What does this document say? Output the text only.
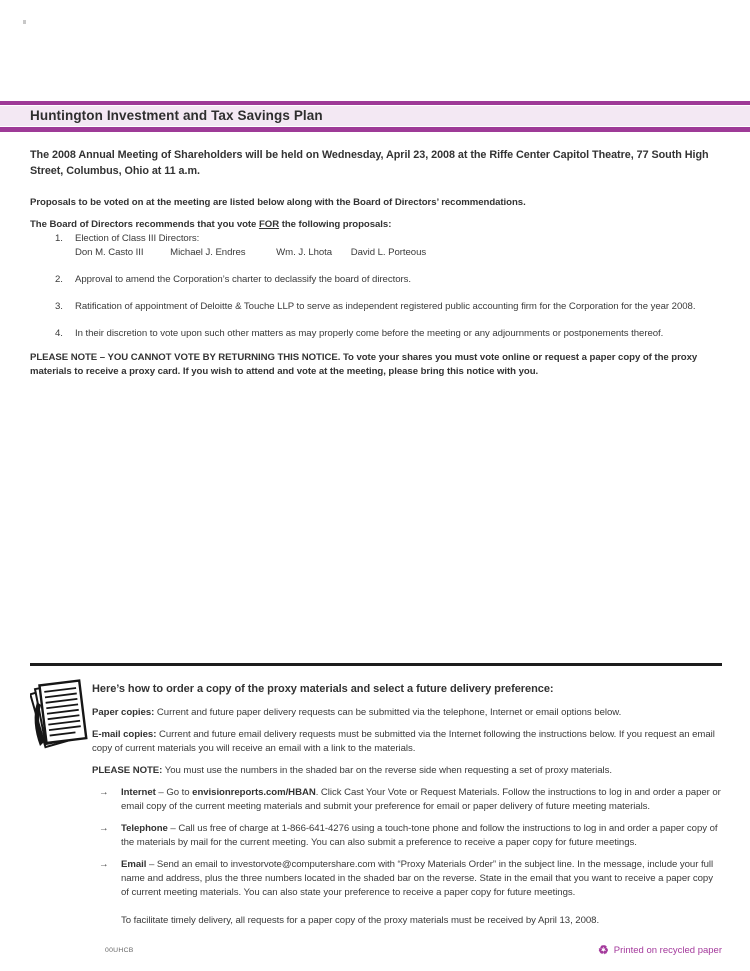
Huntington Investment and Tax Savings Plan

The 2008 Annual Meeting of Shareholders will be held on Wednesday, April 23, 2008 at the Riffe Center Capitol Theatre, 77 South High Street, Columbus, Ohio at 11 a.m.

Proposals to be voted on at the meeting are listed below along with the Board of Directors’ recommendations.

The Board of Directors recommends that you vote FOR the following proposals:

1.	Election of Class III Directors:
Don M. Casto III	Michael J. Endres	Wm. J. Lhota David L. Porteous
2.	Approval to amend the Corporation’s charter to declassify the board of directors.
3.	Ratification of appointment of Deloitte & Touche LLP to serve as independent registered public accounting firm for the Corporation for the year 2008.
4.	In their discretion to vote upon such other matters as may properly come before the meeting or any adjournments or postponements thereof.

PLEASE NOTE – YOU CANNOT VOTE BY RETURNING THIS NOTICE. To vote your shares you must vote online or request a paper copy of the proxy materials to receive a proxy card. If you wish to attend and vote at the meeting, please bring this notice with you.

Here’s how to order a copy of the proxy materials and select a future delivery preference:

Paper copies: Current and future paper delivery requests can be submitted via the telephone, Internet or email options below.

E-mail copies: Current and future email delivery requests must be submitted via the Internet following the instructions below. If you request an email copy of current materials you will receive an email with a link to the materials.

PLEASE NOTE: You must use the numbers in the shaded bar on the reverse side when requesting a set of proxy materials.

→	Internet – Go to envisionreports.com/HBAN. Click Cast Your Vote or Request Materials. Follow the instructions to log in and order a paper or email copy of the current meeting materials and submit your preference for email or paper delivery of future meeting materials.

→	Telephone – Call us free of charge at 1-866-641-4276 using a touch-tone phone and follow the instructions to log in and order a paper copy of the materials by mail for the current meeting. You can also submit a preference to receive a paper copy for future meetings.

→	Email – Send an email to investorvote@computershare.com with “Proxy Materials Order” in the subject line. In the message, include your full name and address, plus the three numbers located in the shaded bar on the reverse. State in the email that you want to receive a paper copy of current meeting materials. You can also state your preference to receive a paper copy for future meetings.

To facilitate timely delivery, all requests for a paper copy of the proxy materials must be received by April 13, 2008.

00UHCB	♻ Printed on recycled paper
